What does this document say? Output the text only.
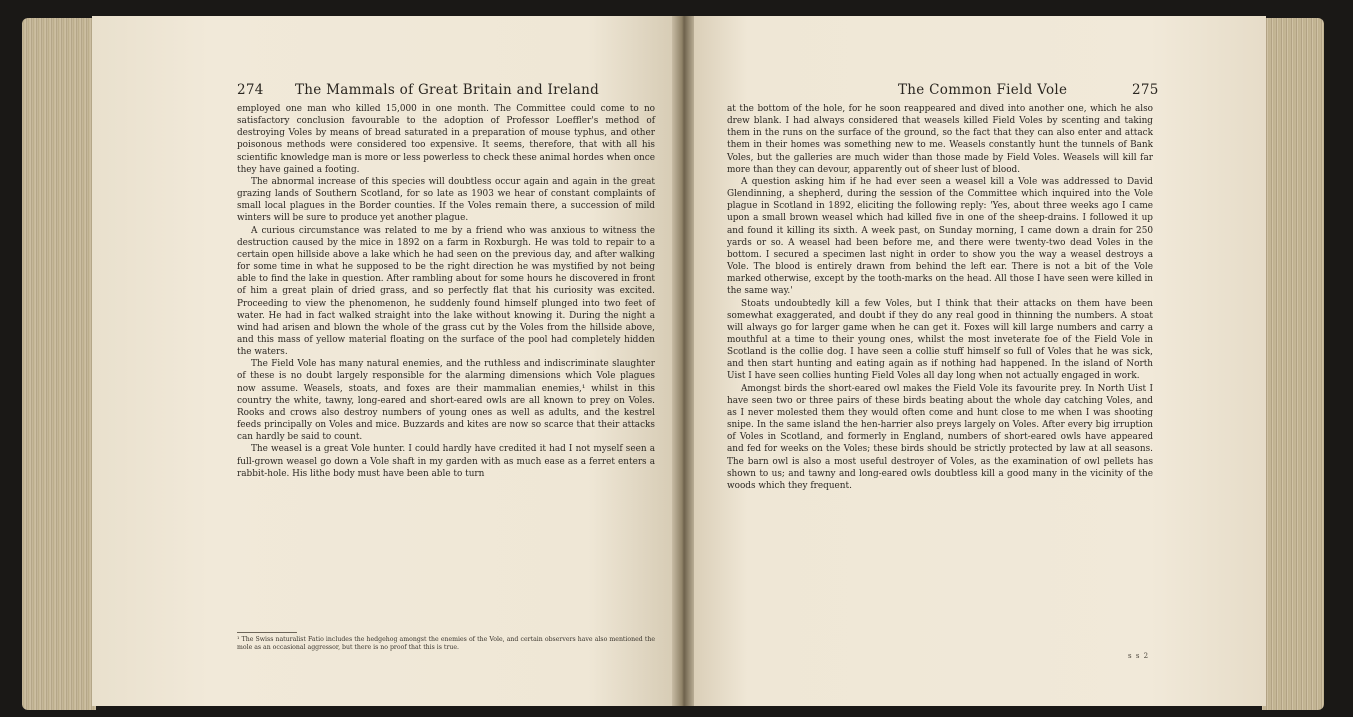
274 The Mammals of Great Britain and Ireland

employed one man who killed 15,000 in one month. The Committee could come to no satisfactory conclusion favourable to the adoption of Professor Loeffler's method of destroying Voles by means of bread saturated in a preparation of mouse typhus, and other poisonous methods were considered too expensive. It seems, therefore, that with all his scientific knowledge man is more or less powerless to check these animal hordes when once they have gained a footing.

The abnormal increase of this species will doubtless occur again and again in the great grazing lands of Southern Scotland, for so late as 1903 we hear of constant complaints of small local plagues in the Border counties. If the Voles remain there, a succession of mild winters will be sure to produce yet another plague.

A curious circumstance was related to me by a friend who was anxious to witness the destruction caused by the mice in 1892 on a farm in Roxburgh. He was told to repair to a certain open hillside above a lake which he had seen on the previous day, and after walking for some time in what he supposed to be the right direction he was mystified by not being able to find the lake in question. After rambling about for some hours he discovered in front of him a great plain of dried grass, and so perfectly flat that his curiosity was excited. Proceeding to view the phenomenon, he suddenly found himself plunged into two feet of water. He had in fact walked straight into the lake without knowing it. During the night a wind had arisen and blown the whole of the grass cut by the Voles from the hillside above, and this mass of yellow material floating on the surface of the pool had completely hidden the waters.

The Field Vole has many natural enemies, and the ruthless and indiscriminate slaughter of these is no doubt largely responsible for the alarming dimensions which Vole plagues now assume. Weasels, stoats, and foxes are their mammalian enemies,¹ whilst in this country the white, tawny, long-eared and short-eared owls are all known to prey on Voles. Rooks and crows also destroy numbers of young ones as well as adults, and the kestrel feeds principally on Voles and mice. Buzzards and kites are now so scarce that their attacks can hardly be said to count.

The weasel is a great Vole hunter. I could hardly have credited it had I not myself seen a full-grown weasel go down a Vole shaft in my garden with as much ease as a ferret enters a rabbit-hole. His lithe body must have been able to turn

¹ The Swiss naturalist Fatio includes the hedgehog amongst the enemies of the Vole, and certain observers have also mentioned the mole as an occasional aggressor, but there is no proof that this is true.
The Common Field Vole	275

at the bottom of the hole, for he soon reappeared and dived into another one, which he also drew blank. I had always considered that weasels killed Field Voles by scenting and taking them in the runs on the surface of the ground, so the fact that they can also enter and attack them in their homes was something new to me. Weasels constantly hunt the tunnels of Bank Voles, but the galleries are much wider than those made by Field Voles. Weasels will kill far more than they can devour, apparently out of sheer lust of blood.

A question asking him if he had ever seen a weasel kill a Vole was addressed to David Glendinning, a shepherd, during the session of the Committee which inquired into the Vole plague in Scotland in 1892, eliciting the following reply: 'Yes, about three weeks ago I came upon a small brown weasel which had killed five in one of the sheep-drains. I followed it up and found it killing its sixth. A week past, on Sunday morning, I came down a drain for 250 yards or so. A weasel had been before me, and there were twenty-two dead Voles in the bottom. I secured a specimen last night in order to show you the way a weasel destroys a Vole. The blood is entirely drawn from behind the left ear. There is not a bit of the Vole marked otherwise, except by the tooth-marks on the head. All those I have seen were killed in the same way.'

Stoats undoubtedly kill a few Voles, but I think that their attacks on them have been somewhat exaggerated, and doubt if they do any real good in thinning the numbers. A stoat will always go for larger game when he can get it. Foxes will kill large numbers and carry a mouthful at a time to their young ones, whilst the most inveterate foe of the Field Vole in Scotland is the collie dog. I have seen a collie stuff himself so full of Voles that he was sick, and then start hunting and eating again as if nothing had happened. In the island of North Uist I have seen collies hunting Field Voles all day long when not actually engaged in work.

Amongst birds the short-eared owl makes the Field Vole its favourite prey. In North Uist I have seen two or three pairs of these birds beating about the whole day catching Voles, and as I never molested them they would often come and hunt close to me when I was shooting snipe. In the same island the hen-harrier also preys largely on Voles. After every big irruption of Voles in Scotland, and formerly in England, numbers of short-eared owls have appeared and fed for weeks on the Voles; these birds should be strictly protected by law at all seasons. The barn owl is also a most useful destroyer of Voles, as the examination of owl pellets has shown to us; and tawny and long-eared owls doubtless kill a good many in the vicinity of the woods which they frequent.

s s 2
